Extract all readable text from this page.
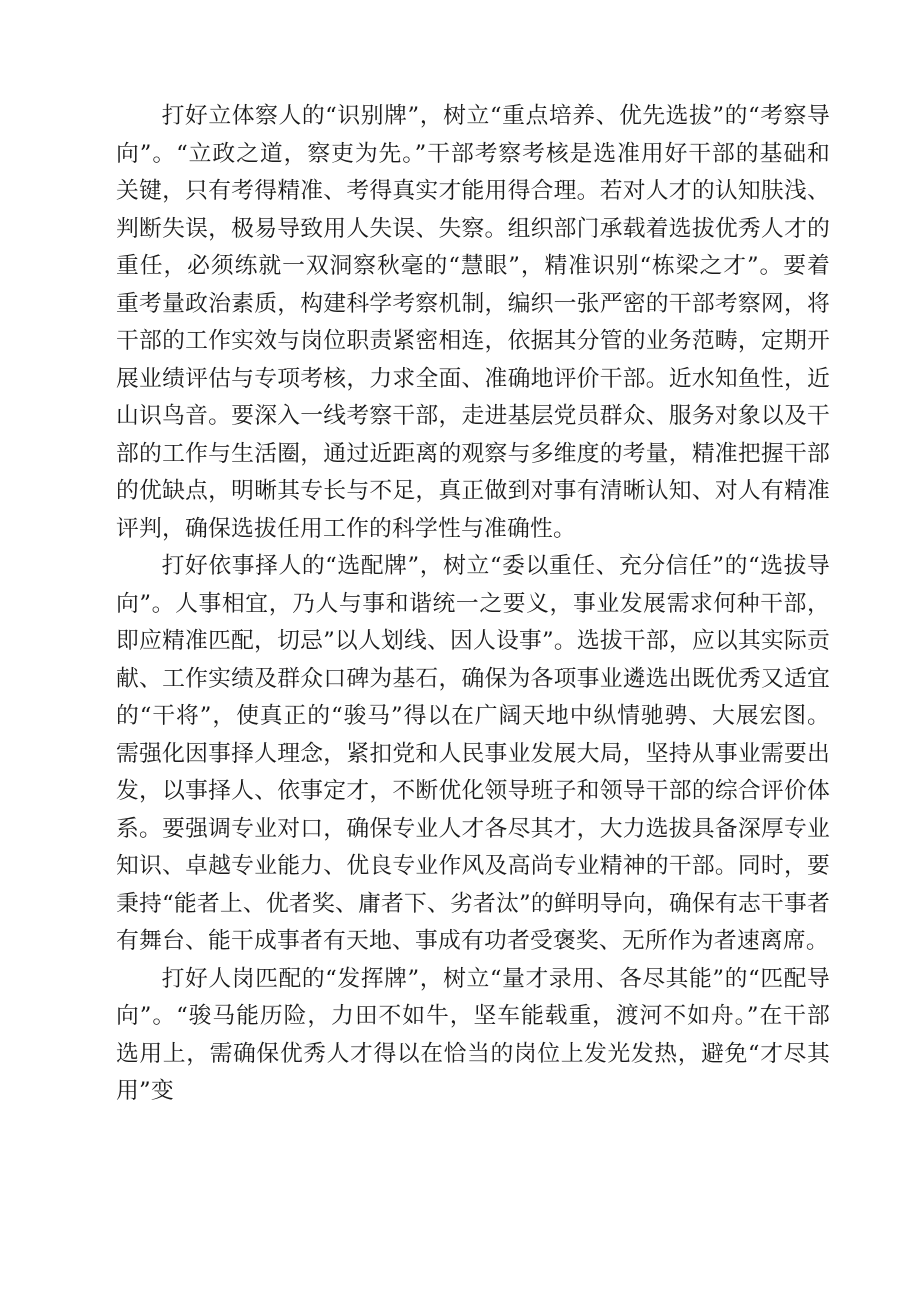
打好立体察人的“识别牌”，树立“重点培养、优先选拔”的“考察导向”。“立政之道，察吏为先。”干部考察考核是选准用好干部的基础和关键，只有考得精准、考得真实才能用得合理。若对人才的认知肤浅、判断失误，极易导致用人失误、失察。组织部门承载着选拔优秀人才的重任，必须练就一双洞察秋毫的“慧眼”，精准识别“栋梁之才”。要着重考量政治素质，构建科学考察机制，编织一张严密的干部考察网，将干部的工作实效与岗位职责紧密相连，依据其分管的业务范畴，定期开展业绩评估与专项考核，力求全面、准确地评价干部。近水知鱼性，近山识鸟音。要深入一线考察干部，走进基层党员群众、服务对象以及干部的工作与生活圈，通过近距离的观察与多维度的考量，精准把握干部的优缺点，明晰其专长与不足，真正做到对事有清晰认知、对人有精准评判，确保选拔任用工作的科学性与准确性。

打好依事择人的“选配牌”，树立“委以重任、充分信任”的“选拔导向”。人事相宜，乃人与事和谐统一之要义，事业发展需求何种干部，即应精准匹配，切忌”以人划线、因人设事”。选拔干部，应以其实际贡献、工作实绩及群众口碑为基石，确保为各项事业遴选出既优秀又适宜的“干将”，使真正的“骏马”得以在广阔天地中纵情驰骋、大展宏图。需强化因事择人理念，紧扣党和人民事业发展大局，坚持从事业需要出发，以事择人、依事定才，不断优化领导班子和领导干部的综合评价体系。要强调专业对口，确保专业人才各尽其才，大力选拔具备深厚专业知识、卓越专业能力、优良专业作风及高尚专业精神的干部。同时，要秉持“能者上、优者奖、庸者下、劣者汰”的鲜明导向，确保有志干事者有舞台、能干成事者有天地、事成有功者受褒奖、无所作为者速离席。

打好人岗匹配的“发挥牌”，树立“量才录用、各尽其能”的“匹配导向”。“骏马能历险，力田不如牛，坚车能载重，渡河不如舟。”在干部选用上，需确保优秀人才得以在恰当的岗位上发光发热，避免“才尽其用”变
